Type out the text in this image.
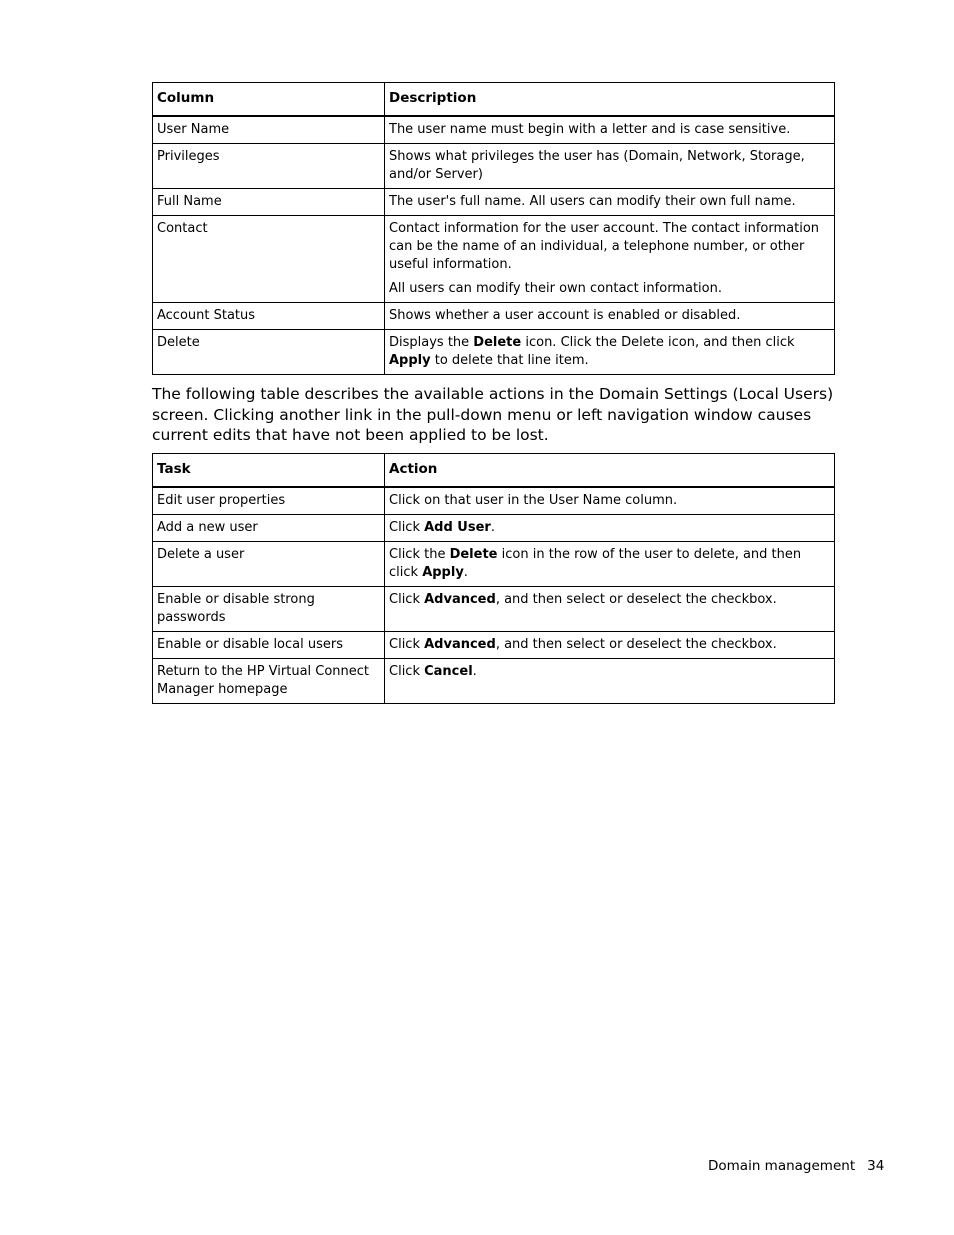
Column	Description
User Name	The user name must begin with a letter and is case sensitive.

Privileges	Shows what privileges the user has (Domain, Network, Storage, and/or Server)

Full Name	The user's full name. All users can modify their own full name.

Contact	Contact information for the user account. The contact information can be the name of an individual, a telephone number, or other useful information.

All users can modify their own contact information.

Account Status	Shows whether a user account is enabled or disabled.

Delete	Displays the Delete icon. Click the Delete icon, and then click Apply to delete that line item.

The following table describes the available actions in the Domain Settings (Local Users) screen. Clicking another link in the pull-down menu or left navigation window causes current edits that have not been applied to be lost.

Task	Action
Edit user properties	Click on that user in the User Name column.
Add a new user	Click Add User.
Delete a user	Click the Delete icon in the row of the user to delete, and then click Apply.
Enable or disable strong passwords	Click Advanced, and then select or deselect the checkbox.
Enable or disable local users	Click Advanced, and then select or deselect the checkbox.
Return to the HP Virtual Connect Manager homepage	Click Cancel.
Domain management 34
